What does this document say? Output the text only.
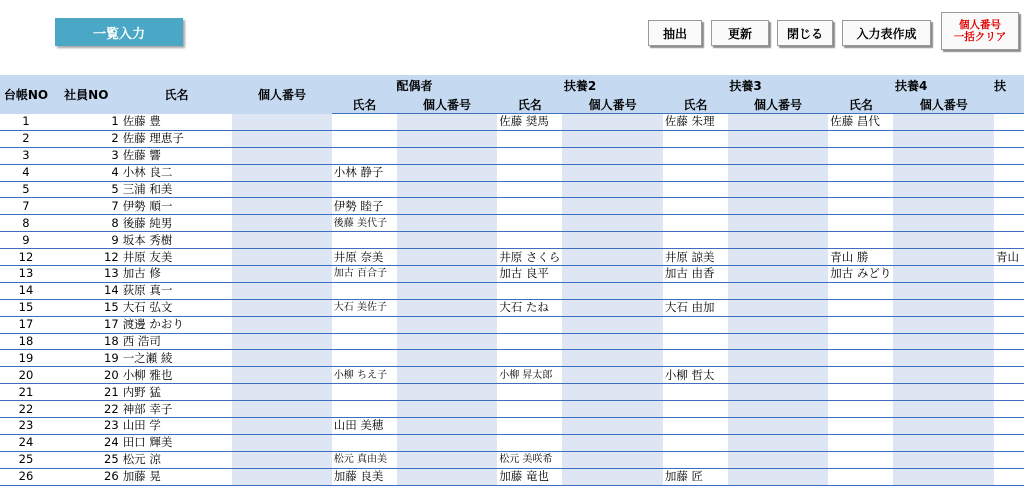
一覧入力	抽出	更新	閉じる	入力表作成
個人番号
一括クリア
台帳NO	社員NO	氏名	個人番号	配偶者		扶養2		扶養3		扶養4		扶
				氏名	個人番号	氏名	個人番号	氏名	個人番号	氏名	個人番号	
1	1	佐藤 豊				佐藤 奨馬		佐藤 朱理		佐藤 昌代		
2	2	佐藤 理恵子										
3	3	佐藤 響										
4	4	小林 良二		小林 静子								
5	5	三浦 和美										
7	7	伊勢 順一		伊勢 睦子								
8	8	後藤 純男		後藤 美代子								
9	9	坂本 秀樹										
12	12	井原 友美		井原 奈美		井原 さくら		井原 諒美		青山 勝		青山
13	13	加古 修		加古 百合子		加古 良平		加古 由香		加古 みどり		
14	14	荻原 真一										
15	15	大石 弘文		大石 美佐子		大石 たね		大石 由加				
17	17	渡邊 かおり										
18	18	西 浩司										
19	19	一之瀬 綾										
20	20	小柳 雅也		小柳 ちえ子		小柳 昇太郎		小柳 哲太				
21	21	内野 猛										
22	22	神部 幸子										
23	23	山田 学		山田 美穂								
24	24	田口 輝美										
25	25	松元 涼		松元 真由美		松元 美咲希						
26	26	加藤 晃		加藤 良美		加藤 竜也		加藤 匠				
